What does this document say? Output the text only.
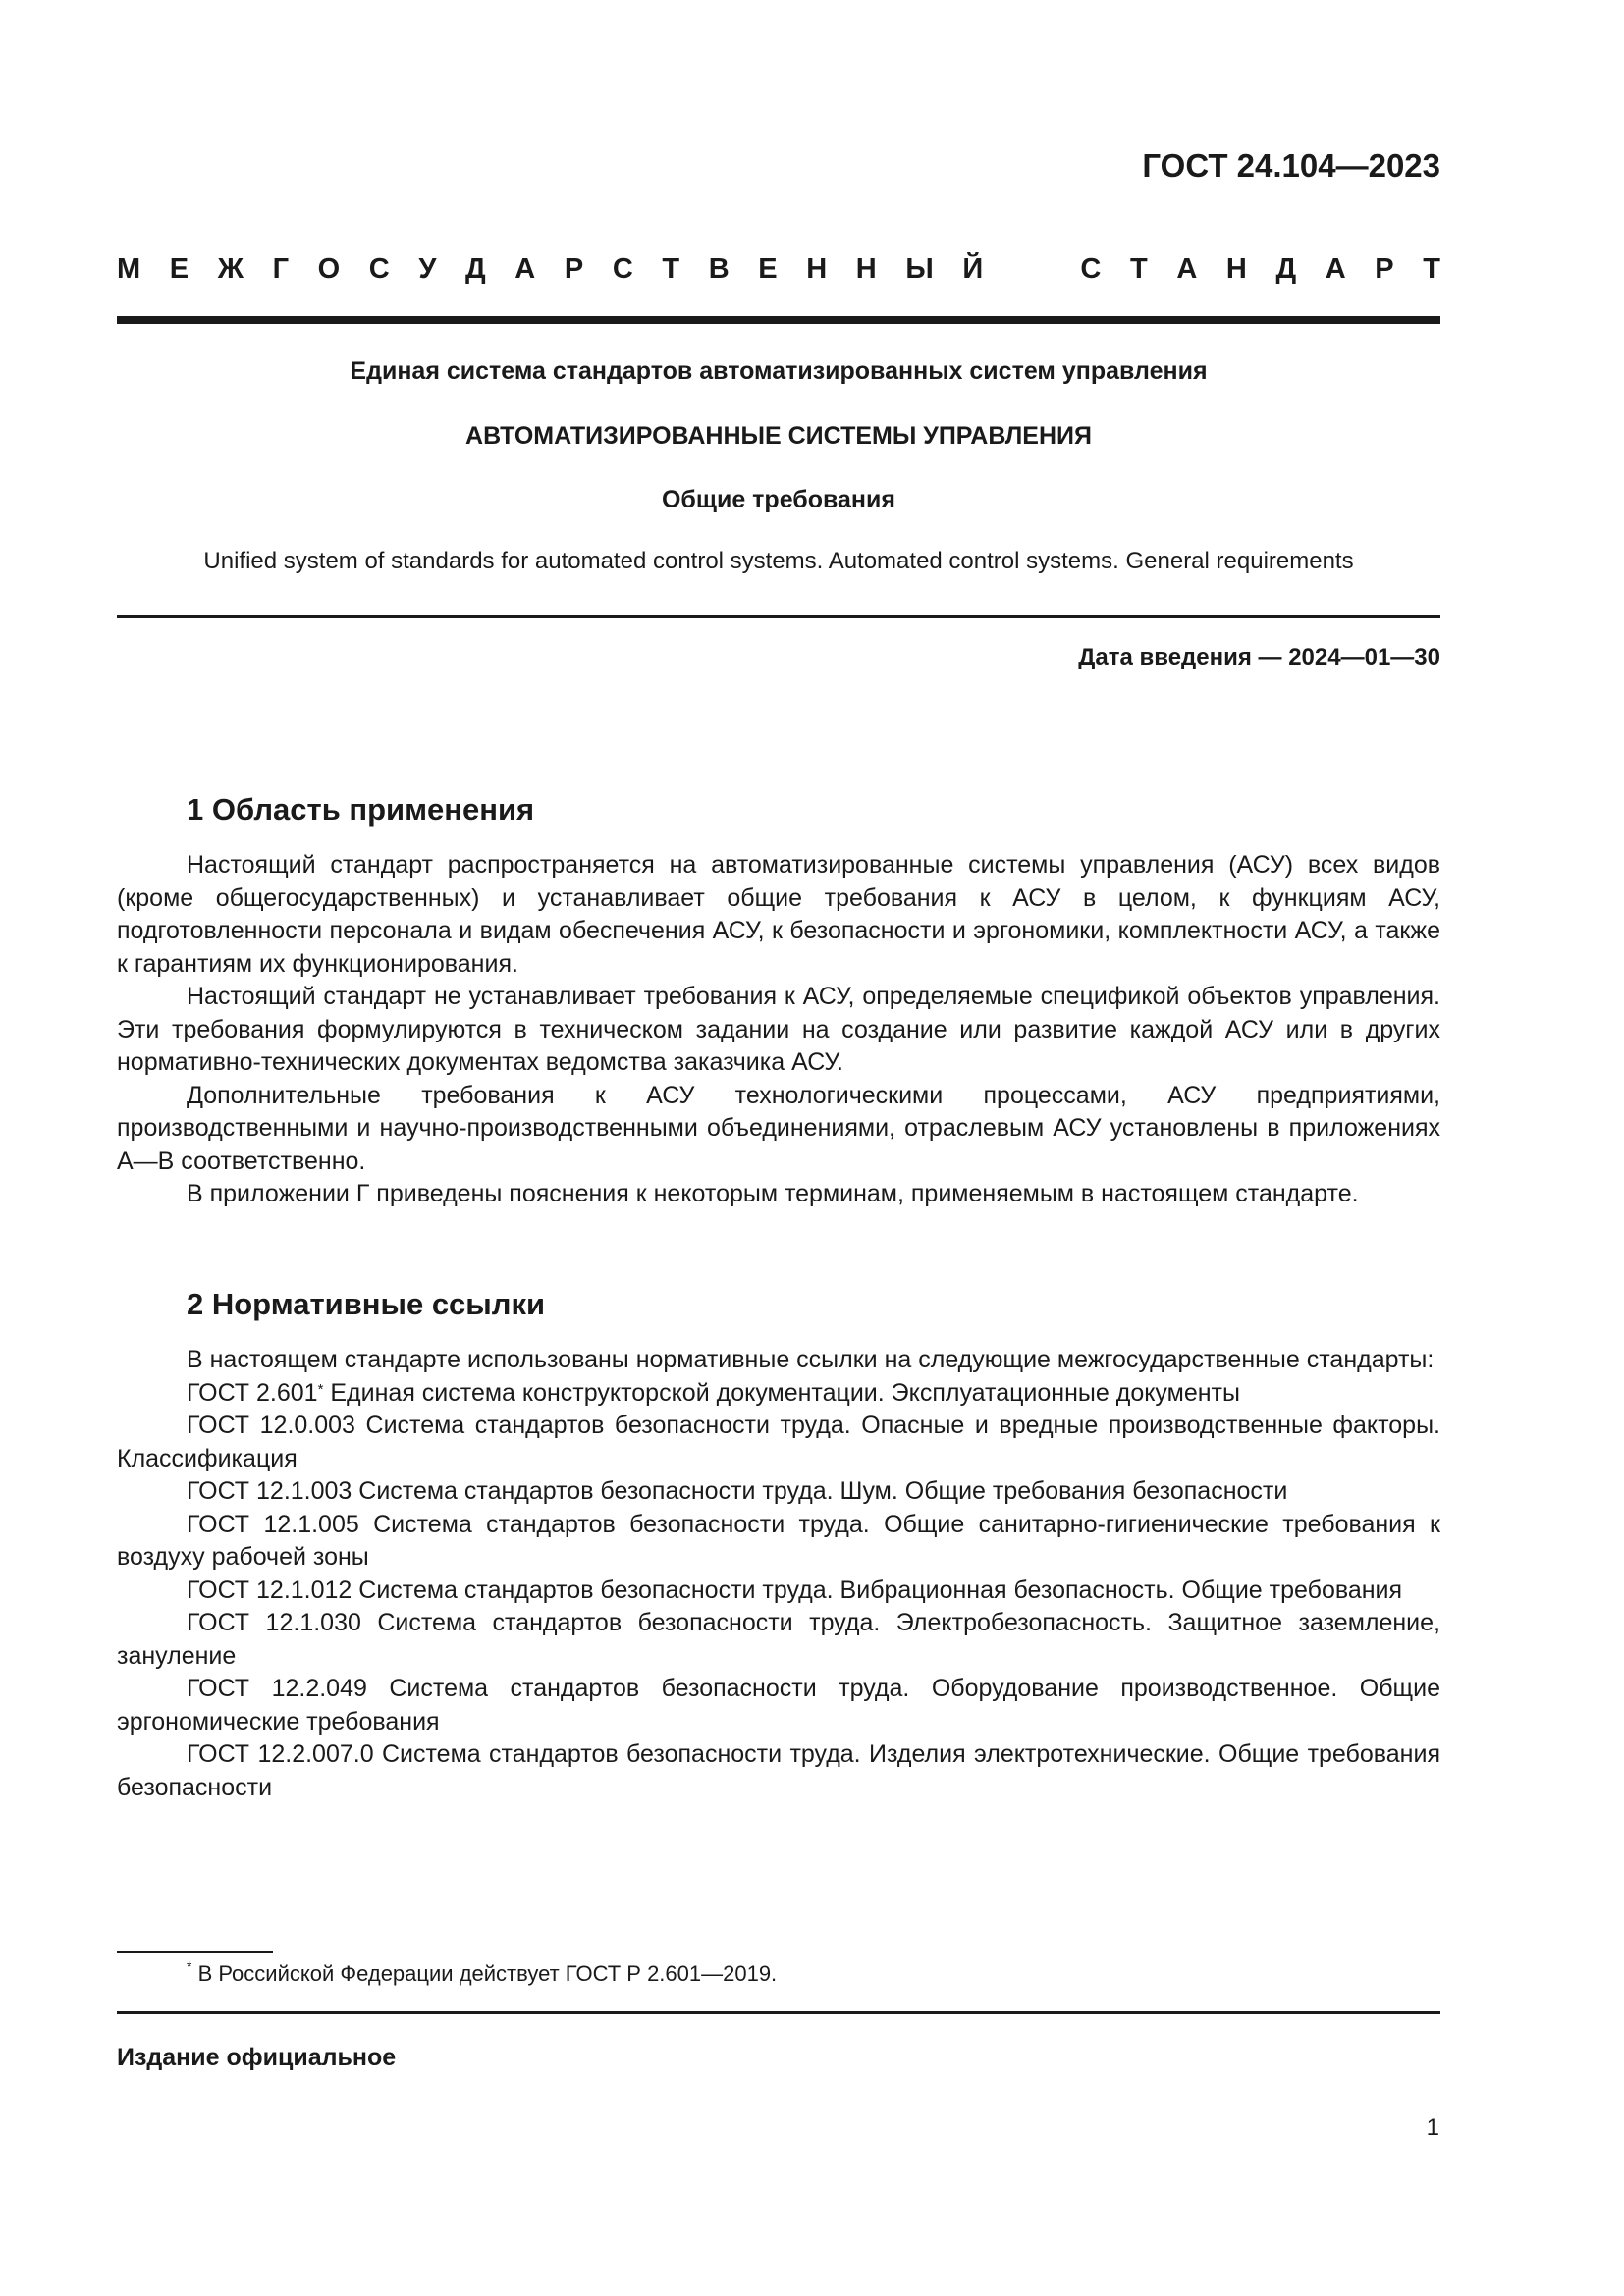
ГОСТ 24.104—2023
М Е Ж Г О С У Д А Р С Т В Е Н Н Ы Й	С Т А Н Д А Р Т
Единая система стандартов автоматизированных систем управления
АВТОМАТИЗИРОВАННЫЕ СИСТЕМЫ УПРАВЛЕНИЯ
Общие требования
Unified system of standards for automated control systems. Automated control systems. General requirements
Дата введения — 2024—01—30
1 Область применения

Настоящий стандарт распространяется на автоматизированные системы управления (АСУ) всех видов (кроме общегосударственных) и устанавливает общие требования к АСУ в целом, к функциям АСУ, подготовленности персонала и видам обеспечения АСУ, к безопасности и эргономики, комплектности АСУ, а также к гарантиям их функционирования.

Настоящий стандарт не устанавливает требования к АСУ, определяемые спецификой объектов управления. Эти требования формулируются в техническом задании на создание или развитие каждой АСУ или в других нормативно-технических документах ведомства заказчика АСУ.

Дополнительные требования к АСУ технологическими процессами, АСУ предприятиями, производственными и научно-производственными объединениями, отраслевым АСУ установлены в приложениях А—В соответственно.

В приложении Г приведены пояснения к некоторым терминам, применяемым в настоящем стандарте.

2 Нормативные ссылки

В настоящем стандарте использованы нормативные ссылки на следующие межгосударственные стандарты:

ГОСТ 2.601* Единая система конструкторской документации. Эксплуатационные документы

ГОСТ 12.0.003 Система стандартов безопасности труда. Опасные и вредные производственные факторы. Классификация

ГОСТ 12.1.003 Система стандартов безопасности труда. Шум. Общие требования безопасности

ГОСТ 12.1.005 Система стандартов безопасности труда. Общие санитарно-гигиенические требования к воздуху рабочей зоны

ГОСТ 12.1.012 Система стандартов безопасности труда. Вибрационная безопасность. Общие требования

ГОСТ 12.1.030 Система стандартов безопасности труда. Электробезопасность. Защитное заземление, зануление

ГОСТ 12.2.049 Система стандартов безопасности труда. Оборудование производственное. Общие эргономические требования

ГОСТ 12.2.007.0 Система стандартов безопасности труда. Изделия электротехнические. Общие требования безопасности

* В Российской Федерации действует ГОСТ Р 2.601—2019.
Издание официальное
1
